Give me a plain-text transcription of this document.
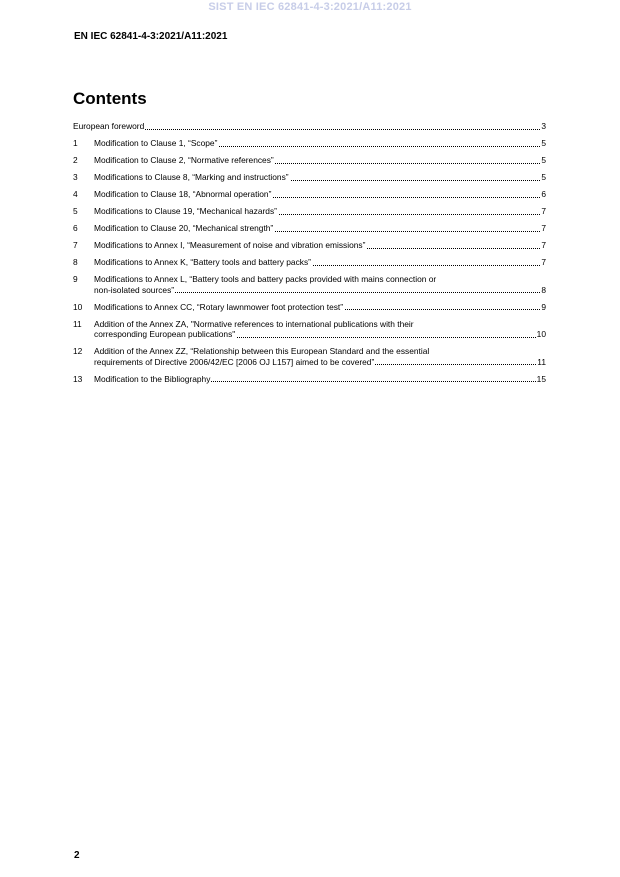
SIST EN IEC 62841-4-3:2021/A11:2021
EN IEC 62841-4-3:2021/A11:2021
Contents
European foreword	3
1	Modification to Clause 1, “Scope”	5
2	Modification to Clause 2, “Normative references”	5
3	Modifications to Clause 8, “Marking and instructions”	5
4	Modification to Clause 18, “Abnormal operation”	6
5	Modifications to Clause 19, “Mechanical hazards”	7
6	Modification to Clause 20, “Mechanical strength”	7
7	Modifications to Annex I, “Measurement of noise and vibration emissions”	7
8	Modifications to Annex K, “Battery tools and battery packs”	7
9	Modifications to Annex L, “Battery tools and battery packs provided with mains connection or
non-isolated sources”	8
10	Modifications to Annex CC, “Rotary lawnmower foot protection test”	9
11	Addition of the Annex ZA, "Normative references to international publications with their
corresponding European publications"	10
12	Addition of the Annex ZZ, “Relationship between this European Standard and the essential
requirements of Directive 2006/42/EC [2006 OJ L157] aimed to be covered”	11
13	Modification to the Bibliography	15
2
